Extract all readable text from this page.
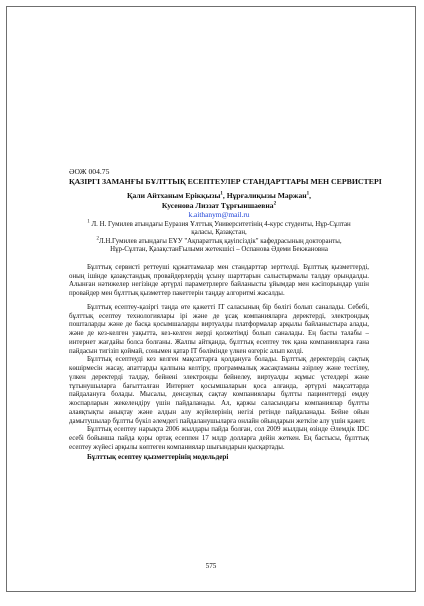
ӘОЖ 004.75

ҚАЗІРГІ ЗАМАНҒЫ БҰЛТТЫҚ ЕСЕПТЕУЛЕР СТАНДАРТТАРЫ МЕН СЕРВИСТЕРІ

Қали Айтханым Ерікқызы$^1$, Нұрғалиқызы Маржан$^1$,
Кусенова Лиззат Тұрғыншаевна$^2$
k.aithanym@mail.ru
$^1$ Л. Н. Гумилев атындағы Еуразия Ұлттық Университетінің 4-курс студенты, Нұр-Сұлтан
қаласы, Қазақстан,
$^2$Л.Н.Гумилев атындағы ЕҰУ "Ақпараттық қауіпсіздік" кафедрасының докторанты,
Нұр-Сұлтан, ҚазақстанҒылыми жетекшісі – Оспанова Әдеми Бекжановна

Бұлттық сервисті реттеуші құжаттамалар мен стандарттар зерттелді. Бұлттық қызметтерді, оның ішінде қазақстандық провайдерлердің ұсыну шарттарын салыстырмалы талдау орындалды. Алынған нәтижелер негізінде әртүрлі параметрлерге байланысты ұйымдар мен кәсіпорындар үшін провайдер мен бұлттық қызметтер пакеттерін таңдау алгоритмі жасалды.

Бұлттық есептеу-қазіргі таңда өте қажетті IT саласының бір бөлігі болып саналады. Себебі, бұлттық есептеу технологиялары ірі және де ұсақ компанияларға деректерді, электрондық пошталарды және де басқа қосымшаларды виртуалды платформалар арқылы байланыстыра алады, және де кез-келген уақытта, кез-келген жерді қолжетімді болып саналады. Ең басты талабы – интернет жағдайы болса болғаны. Жалпы айтқанда, бұлттық есептеу тек қана компанияларға ғана пайдасын тигізіп қоймай, сонымен қатар IT бөлімінде үлкен өзгеріс алып келді.

Бұлттық есептеуді кез келген мақсаттарға қолдануға болады. Бұлттық деректердің сақтық көшірмесін жасау, апаттарды қалпына келтіру, программалық жасақтаманы әзірлеу және тестілеу, үлкен деректерді талдау, бейнені электронды бейнелеу, виртуалды жұмыс үстелдері және тұтынушыларға бағытталған Интернет қосымшаларын қоса алғанда, әртүрлі мақсаттарда пайдалануға болады. Мысалы, денсаулық сақтау компаниялары бұлтты пациенттерді емдеу жоспарларын жекелендіру үшін пайдаланады. Ал, қаржы саласындағы компаниялар бұлтты алаяқтықты анықтау және алдын алу жүйелерінің негізі ретінде пайдаланады. Бейне ойын дамытушылар бұлтты бүкіл әлемдегі пайдаланушыларға онлайн ойындарын жеткізе алу үшін қажет.

Бұлттық есептеу нарықта 2006 жылдары пайда болған, сол 2009 жылдың өзінде Әлемдік IDC есебі бойынша пайда қоры ортақ есеппен 17 млдр долларға дейін жеткен. Ең бастысы, бұлттық есептеу жүйесі арқылы көптеген компаниялар шығындарын қысқартады.

Бұлттық есептеу қызметтерінің модельдері

575
